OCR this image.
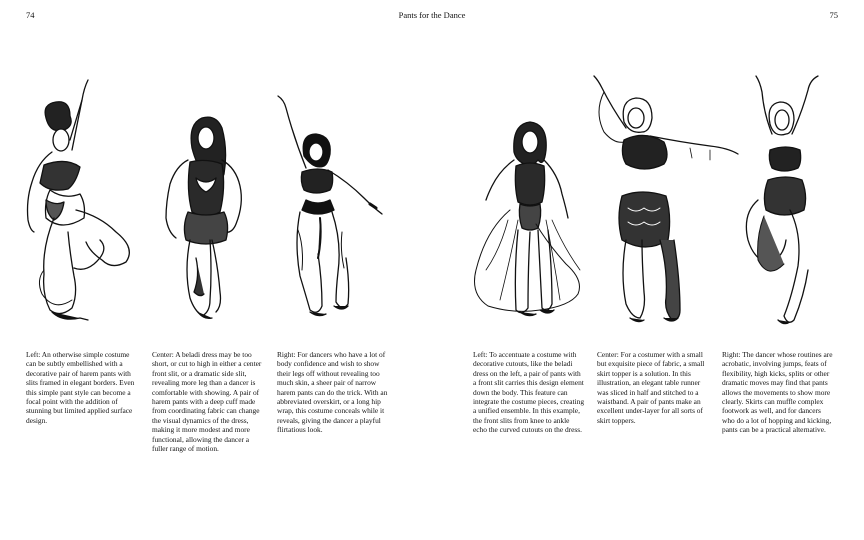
74	Pants for the Dance	75
Left: An otherwise simple costume can be subtly embellished with a decorative pair of harem pants with slits framed in elegant borders. Even this simple pant style can become a focal point with the addition of stunning but limited applied surface design.
Center: A beladi dress may be too short, or cut to high in either a center front slit, or a dramatic side slit, revealing more leg than a dancer is comfortable with showing. A pair of harem pants with a deep cuff made from coordinating fabric can change the visual dynamics of the dress, making it more modest and more functional, allowing the dancer a fuller range of motion.
Right: For dancers who have a lot of body confidence and wish to show their legs off without revealing too much skin, a sheer pair of narrow harem pants can do the trick. With an abbreviated overskirt, or a long hip wrap, this costume conceals while it reveals, giving the dancer a playful flirtatious look.
Left: To accentuate a costume with decorative cutouts, like the beladi dress on the left, a pair of pants with a front slit carries this design element down the body. This feature can integrate the costume pieces, creating a unified ensemble. In this example, the front slits from knee to ankle echo the curved cutouts on the dress.
Center: For a costumer with a small but exquisite piece of fabric, a small skirt topper is a solution. In this illustration, an elegant table runner was sliced in half and stitched to a waistband. A pair of pants make an excellent under-layer for all sorts of skirt toppers.
Right: The dancer whose routines are acrobatic, involving jumps, feats of flexibility, high kicks, splits or other dramatic moves may find that pants allows the movements to show more clearly. Skirts can muffle complex footwork as well, and for dancers who do a lot of hopping and kicking, pants can be a practical alternative.
